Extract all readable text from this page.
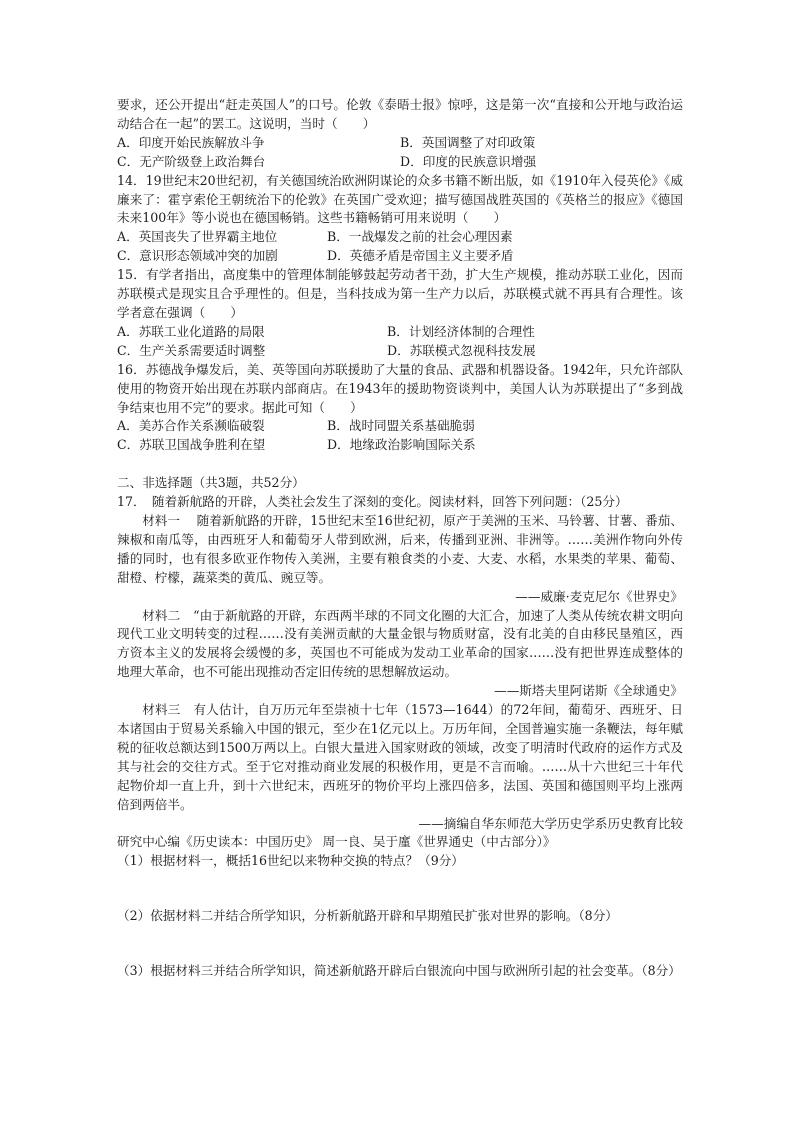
要求，还公开提出“赶走英国人”的口号。伦敦《泰晤士报》惊呼，这是第一次“直接和公开地与政治运动结合在一起”的罢工。这说明，当时（　　）

A．印度开始民族解放斗争	B．英国调整了对印政策
C．无产阶级登上政治舞台	D．印度的民族意识增强

14．19世纪末20世纪初，有关德国统治欧洲阴谋论的众多书籍不断出版，如《1910年入侵英伦》《威廉来了：霍亨索伦王朝统治下的伦敦》在英国广受欢迎；描写德国战胜英国的《英格兰的报应》《德国未来100年》等小说也在德国畅销。这些书籍畅销可用来说明（　　）

A．英国丧失了世界霸主地位	B．一战爆发之前的社会心理因素
C．意识形态领域冲突的加剧	D．英德矛盾是帝国主义主要矛盾

15．有学者指出，高度集中的管理体制能够鼓起劳动者干劲，扩大生产规模，推动苏联工业化，因而苏联模式是现实且合乎理性的。但是，当科技成为第一生产力以后，苏联模式就不再具有合理性。该学者意在强调（　　）

A．苏联工业化道路的局限	B．计划经济体制的合理性
C．生产关系需要适时调整	D．苏联模式忽视科技发展

16．苏德战争爆发后，美、英等国向苏联援助了大量的食品、武器和机器设备。1942年，只允许部队使用的物资开始出现在苏联内部商店。在1943年的援助物资谈判中，美国人认为苏联提出了“多到战争结束也用不完”的要求。据此可知（　　）

A．美苏合作关系濒临破裂	B．战时同盟关系基础脆弱
C．苏联卫国战争胜利在望	D．地缘政治影响国际关系

二、非选择题（共3题，共52分）

17．　随着新航路的开辟，人类社会发生了深刻的变化。阅读材料，回答下列问题：（25分）

材料一　 随着新航路的开辟，15世纪末至16世纪初，原产于美洲的玉米、马铃薯、甘薯、番茄、辣椒和南瓜等，由西班牙人和葡萄牙人带到欧洲，后来，传播到亚洲、非洲等。……美洲作物向外传播的同时，也有很多欧亚作物传入美洲，主要有粮食类的小麦、大麦、水稻，水果类的苹果、葡萄、甜橙、柠檬，蔬菜类的黄瓜、豌豆等。

——威廉·麦克尼尔《世界史》

材料二　“由于新航路的开辟，东西两半球的不同文化圈的大汇合，加速了人类从传统农耕文明向现代工业文明转变的过程……没有美洲贡献的大量金银与物质财富，没有北美的自由移民垦殖区，西方资本主义的发展将会缓慢的多，英国也不可能成为发动工业革命的国家……没有把世界连成整体的地理大革命，也不可能出现推动否定旧传统的思想解放运动。

——斯塔夫里阿诺斯《全球通史》

材料三　有人估计，自万历元年至崇祯十七年（1573—1644）的72年间，葡萄牙、西班牙、日本诸国由于贸易关系输入中国的银元，至少在1亿元以上。万历年间，全国普遍实施一条鞭法，每年赋税的征收总额达到1500万两以上。白银大量进入国家财政的领域，改变了明清时代政府的运作方式及其与社会的交往方式。至于它对推动商业发展的积极作用，更是不言而喻。……从十六世纪三十年代起物价却一直上升，到十六世纪末，西班牙的物价平均上涨四倍多，法国、英国和德国则平均上涨两倍到两倍半。

——摘编自华东师范大学历史学系历史教育比较

研究中心编《历史读本：中国历史》 周一良、吴于廑《世界通史（中古部分）》

（1）根据材料一，概括16世纪以来物种交换的特点？（9分）

（2）依据材料二并结合所学知识，分析新航路开辟和早期殖民扩张对世界的影响。（8分）

（3）根据材料三并结合所学知识，简述新航路开辟后白银流向中国与欧洲所引起的社会变革。（8分）
